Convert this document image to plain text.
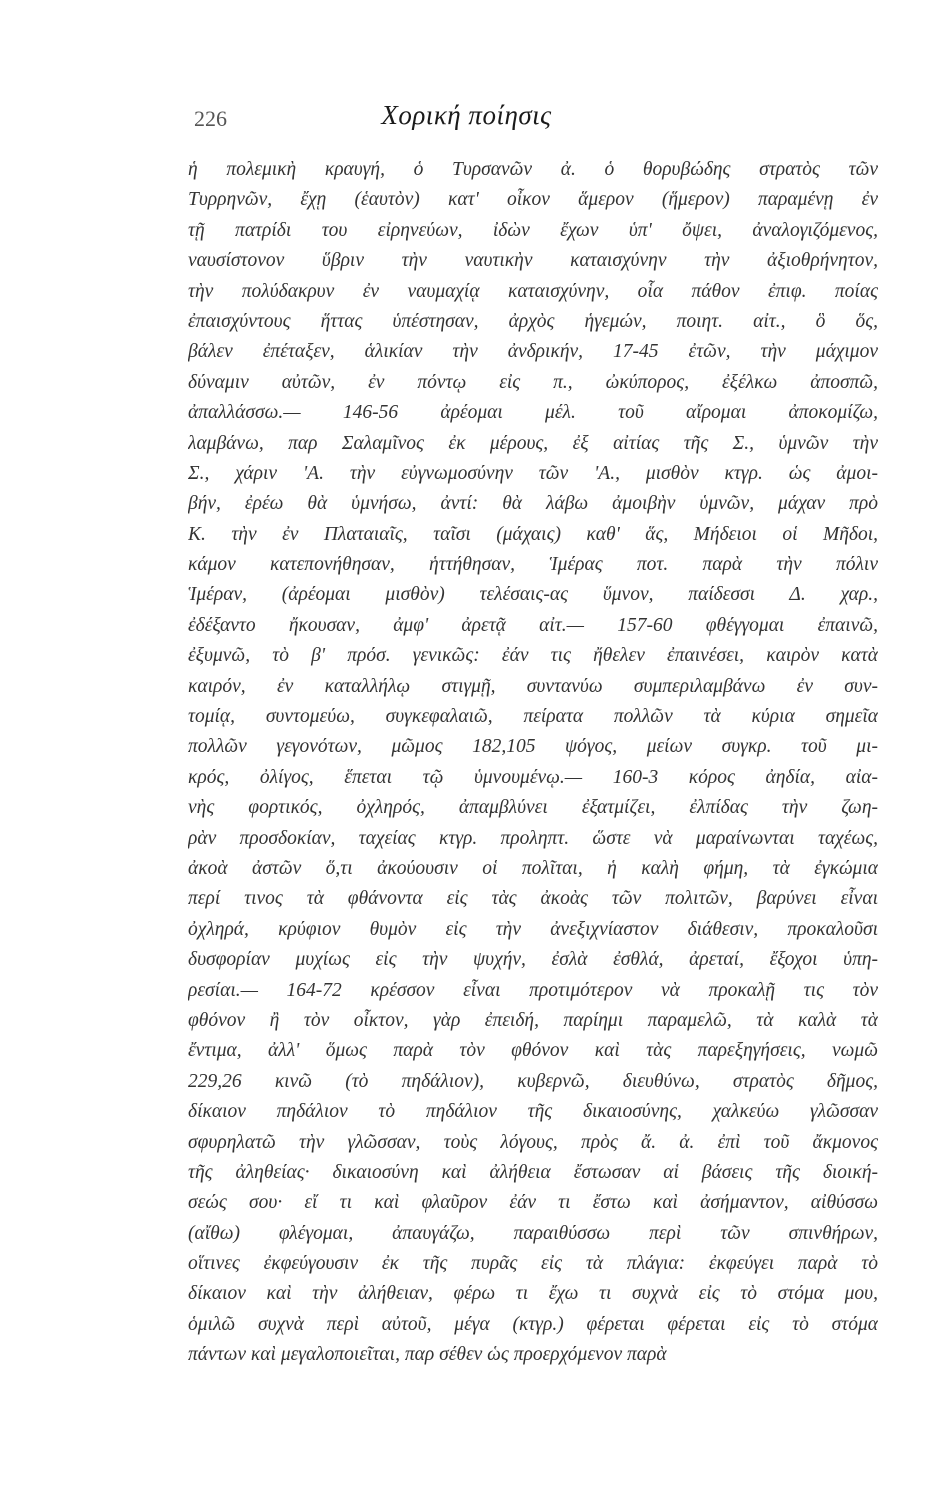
226	Χορική ποίησις
ἡ πολεμικὴ κραυγή, ὁ Τυρσανῶν ἀ. ὁ θορυβώδης στρατὸς τῶν
Τυρρηνῶν, ἔχῃ (ἑαυτὸν) κατ' οἶκον ἅμερον (ἥμερον) παραμένῃ ἐν
τῇ πατρίδι του εἰρηνεύων, ἰδὼν ἔχων ὑπ' ὄψει, ἀναλογιζόμενος,
ναυσίστονον ὕβριν τὴν ναυτικὴν καταισχύνην τὴν ἀξιοθρήνητον,
τὴν πολύδακρυν ἐν ναυμαχίᾳ καταισχύνην, οἷα πάθον ἐπιφ. ποίας
ἐπαισχύντους ἥττας ὑπέστησαν, ἀρχὸς ἡγεμών, ποιητ. αἰτ., ὃ ὅς,
βάλεν ἐπέταξεν, ἁλικίαν τὴν ἀνδρικήν, 17-45 ἐτῶν, τὴν μάχιμον
δύναμιν αὐτῶν, ἐν πόντῳ εἰς π., ὠκύπορος, ἐξέλκω ἀποσπῶ,
ἀπαλλάσσω.— 146-56 ἀρέομαι μέλ. τοῦ αἴρομαι ἀποκομίζω,
λαμβάνω, παρ Σαλαμῖνος ἐκ μέρους, ἐξ αἰτίας τῆς Σ., ὑμνῶν τὴν
Σ., χάριν 'Α. τὴν εὐγνωμοσύνην τῶν 'Α., μισθὸν κτγρ. ὡς ἀμοι-
βήν, ἐρέω θὰ ὑμνήσω, ἀντί: θὰ λάβω ἀμοιβὴν ὑμνῶν, μάχαν πρὸ
Κ. τὴν ἐν Πλαταιαῖς, ταῖσι (μάχαις) καθ' ἅς, Μήδειοι οἱ Μῆδοι,
κάμον κατεπονήθησαν, ἡττήθησαν, Ἱμέρας ποτ. παρὰ τὴν πόλιν
Ἱμέραν, (ἀρέομαι μισθὸν) τελέσαις-ας ὕμνον, παίδεσσι Δ. χαρ.,
ἐδέξαντο ἤκουσαν, ἀμφ' ἀρετᾷ αἰτ.— 157-60 φθέγγομαι ἐπαινῶ,
ἐξυμνῶ, τὸ β' πρόσ. γενικῶς: ἐάν τις ἤθελεν ἐπαινέσει, καιρὸν κατὰ
καιρόν, ἐν καταλλήλῳ στιγμῇ, συντανύω συμπεριλαμβάνω ἐν συν-
τομίᾳ, συντομεύω, συγκεφαλαιῶ, πείρατα πολλῶν τὰ κύρια σημεῖα
πολλῶν γεγονότων, μῶμος 182,105 ψόγος, μείων συγκρ. τοῦ μι-
κρός, ὀλίγος, ἕπεται τῷ ὑμνουμένῳ.— 160-3 κόρος ἀηδία, αἰα-
νὴς φορτικός, ὀχληρός, ἀπαμβλύνει ἐξατμίζει, ἐλπίδας τὴν ζωη-
ρὰν προσδοκίαν, ταχείας κτγρ. προληπτ. ὥστε νὰ μαραίνωνται ταχέως,
ἀκοὰ ἀστῶν ὅ,τι ἀκούουσιν οἱ πολῖται, ἡ καλὴ φήμη, τὰ ἐγκώμια
περί τινος τὰ φθάνοντα εἰς τὰς ἀκοὰς τῶν πολιτῶν, βαρύνει εἶναι
ὀχληρά, κρύφιον θυμὸν εἰς τὴν ἀνεξιχνίαστον διάθεσιν, προκαλοῦσι
δυσφορίαν μυχίως εἰς τὴν ψυχήν, ἐσλὰ ἐσθλά, ἀρεταί, ἔξοχοι ὑπη-
ρεσίαι.— 164-72 κρέσσον εἶναι προτιμότερον νὰ προκαλῇ τις τὸν
φθόνον ἢ τὸν οἶκτον, γὰρ ἐπειδή, παρίημι παραμελῶ, τὰ καλὰ τὰ
ἔντιμα, ἀλλ' ὅμως παρὰ τὸν φθόνον καὶ τὰς παρεξηγήσεις, νωμῶ
229,26 κινῶ (τὸ πηδάλιον), κυβερνῶ, διευθύνω, στρατὸς δῆμος,
δίκαιον πηδάλιον τὸ πηδάλιον τῆς δικαιοσύνης, χαλκεύω γλῶσσαν
σφυρηλατῶ τὴν γλῶσσαν, τοὺς λόγους, πρὸς ἄ. ἀ. ἐπὶ τοῦ ἄκμονος
τῆς ἀληθείας· δικαιοσύνη καὶ ἀλήθεια ἔστωσαν αἱ βάσεις τῆς διοική-
σεώς σου· εἴ τι καὶ φλαῦρον ἐάν τι ἔστω καὶ ἀσήμαντον, αἰθύσσω
(αἴθω) φλέγομαι, ἀπαυγάζω, παραιθύσσω περὶ τῶν σπινθήρων,
οἵτινες ἐκφεύγουσιν ἐκ τῆς πυρᾶς εἰς τὰ πλάγια: ἐκφεύγει παρὰ τὸ
δίκαιον καὶ τὴν ἀλήθειαν, φέρω τι ἔχω τι συχνὰ εἰς τὸ στόμα μου,
ὁμιλῶ συχνὰ περὶ αὐτοῦ, μέγα (κτγρ.) φέρεται φέρεται εἰς τὸ στόμα
πάντων καὶ μεγαλοποιεῖται, παρ σέθεν ὡς προερχόμενον παρὰ
